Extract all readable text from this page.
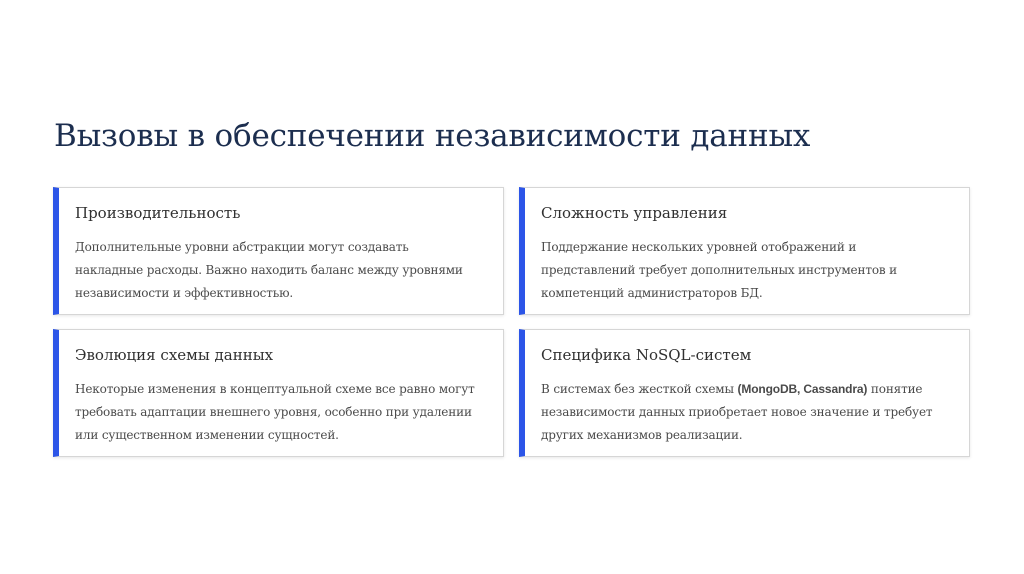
Вызовы в обеспечении независимости данных
Производительность
Дополнительные уровни абстракции могут создавать
накладные расходы. Важно находить баланс между уровнями
независимости и эффективностью.
Сложность управления
Поддержание нескольких уровней отображений и
представлений требует дополнительных инструментов и
компетенций администраторов БД.
Эволюция схемы данных
Некоторые изменения в концептуальной схеме все равно могут
требовать адаптации внешнего уровня, особенно при удалении
или существенном изменении сущностей.
Специфика NoSQL-систем
В системах без жесткой схемы (MongoDB, Cassandra) понятие
независимости данных приобретает новое значение и требует
других механизмов реализации.
